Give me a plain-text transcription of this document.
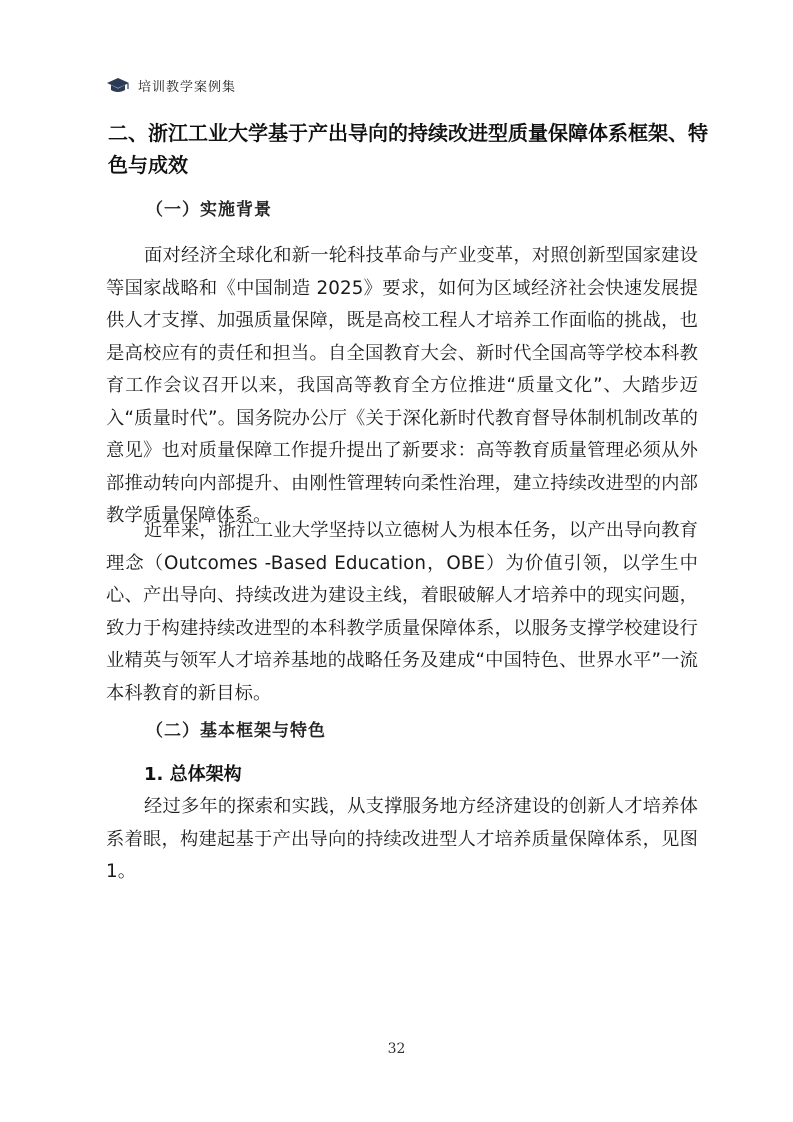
培训教学案例集
二、浙江工业大学基于产出导向的持续改进型质量保障体系框架、特色与成效
（一）实施背景

面对经济全球化和新一轮科技革命与产业变革，对照创新型国家建设等国家战略和《中国制造 2025》要求，如何为区域经济社会快速发展提供人才支撑、加强质量保障，既是高校工程人才培养工作面临的挑战，也是高校应有的责任和担当。自全国教育大会、新时代全国高等学校本科教育工作会议召开以来，我国高等教育全方位推进“质量文化”、大踏步迈入“质量时代”。国务院办公厅《关于深化新时代教育督导体制机制改革的意见》也对质量保障工作提升提出了新要求：高等教育质量管理必须从外部推动转向内部提升、由刚性管理转向柔性治理，建立持续改进型的内部教学质量保障体系。

近年来，浙江工业大学坚持以立德树人为根本任务，以产出导向教育理念（Outcomes -Based Education，OBE）为价值引领，以学生中心、产出导向、持续改进为建设主线，着眼破解人才培养中的现实问题，致力于构建持续改进型的本科教学质量保障体系，以服务支撑学校建设行业精英与领军人才培养基地的战略任务及建成“中国特色、世界水平”一流本科教育的新目标。

（二）基本框架与特色
1. 总体架构

经过多年的探索和实践，从支撑服务地方经济建设的创新人才培养体系着眼，构建起基于产出导向的持续改进型人才培养质量保障体系，见图 1。

32
